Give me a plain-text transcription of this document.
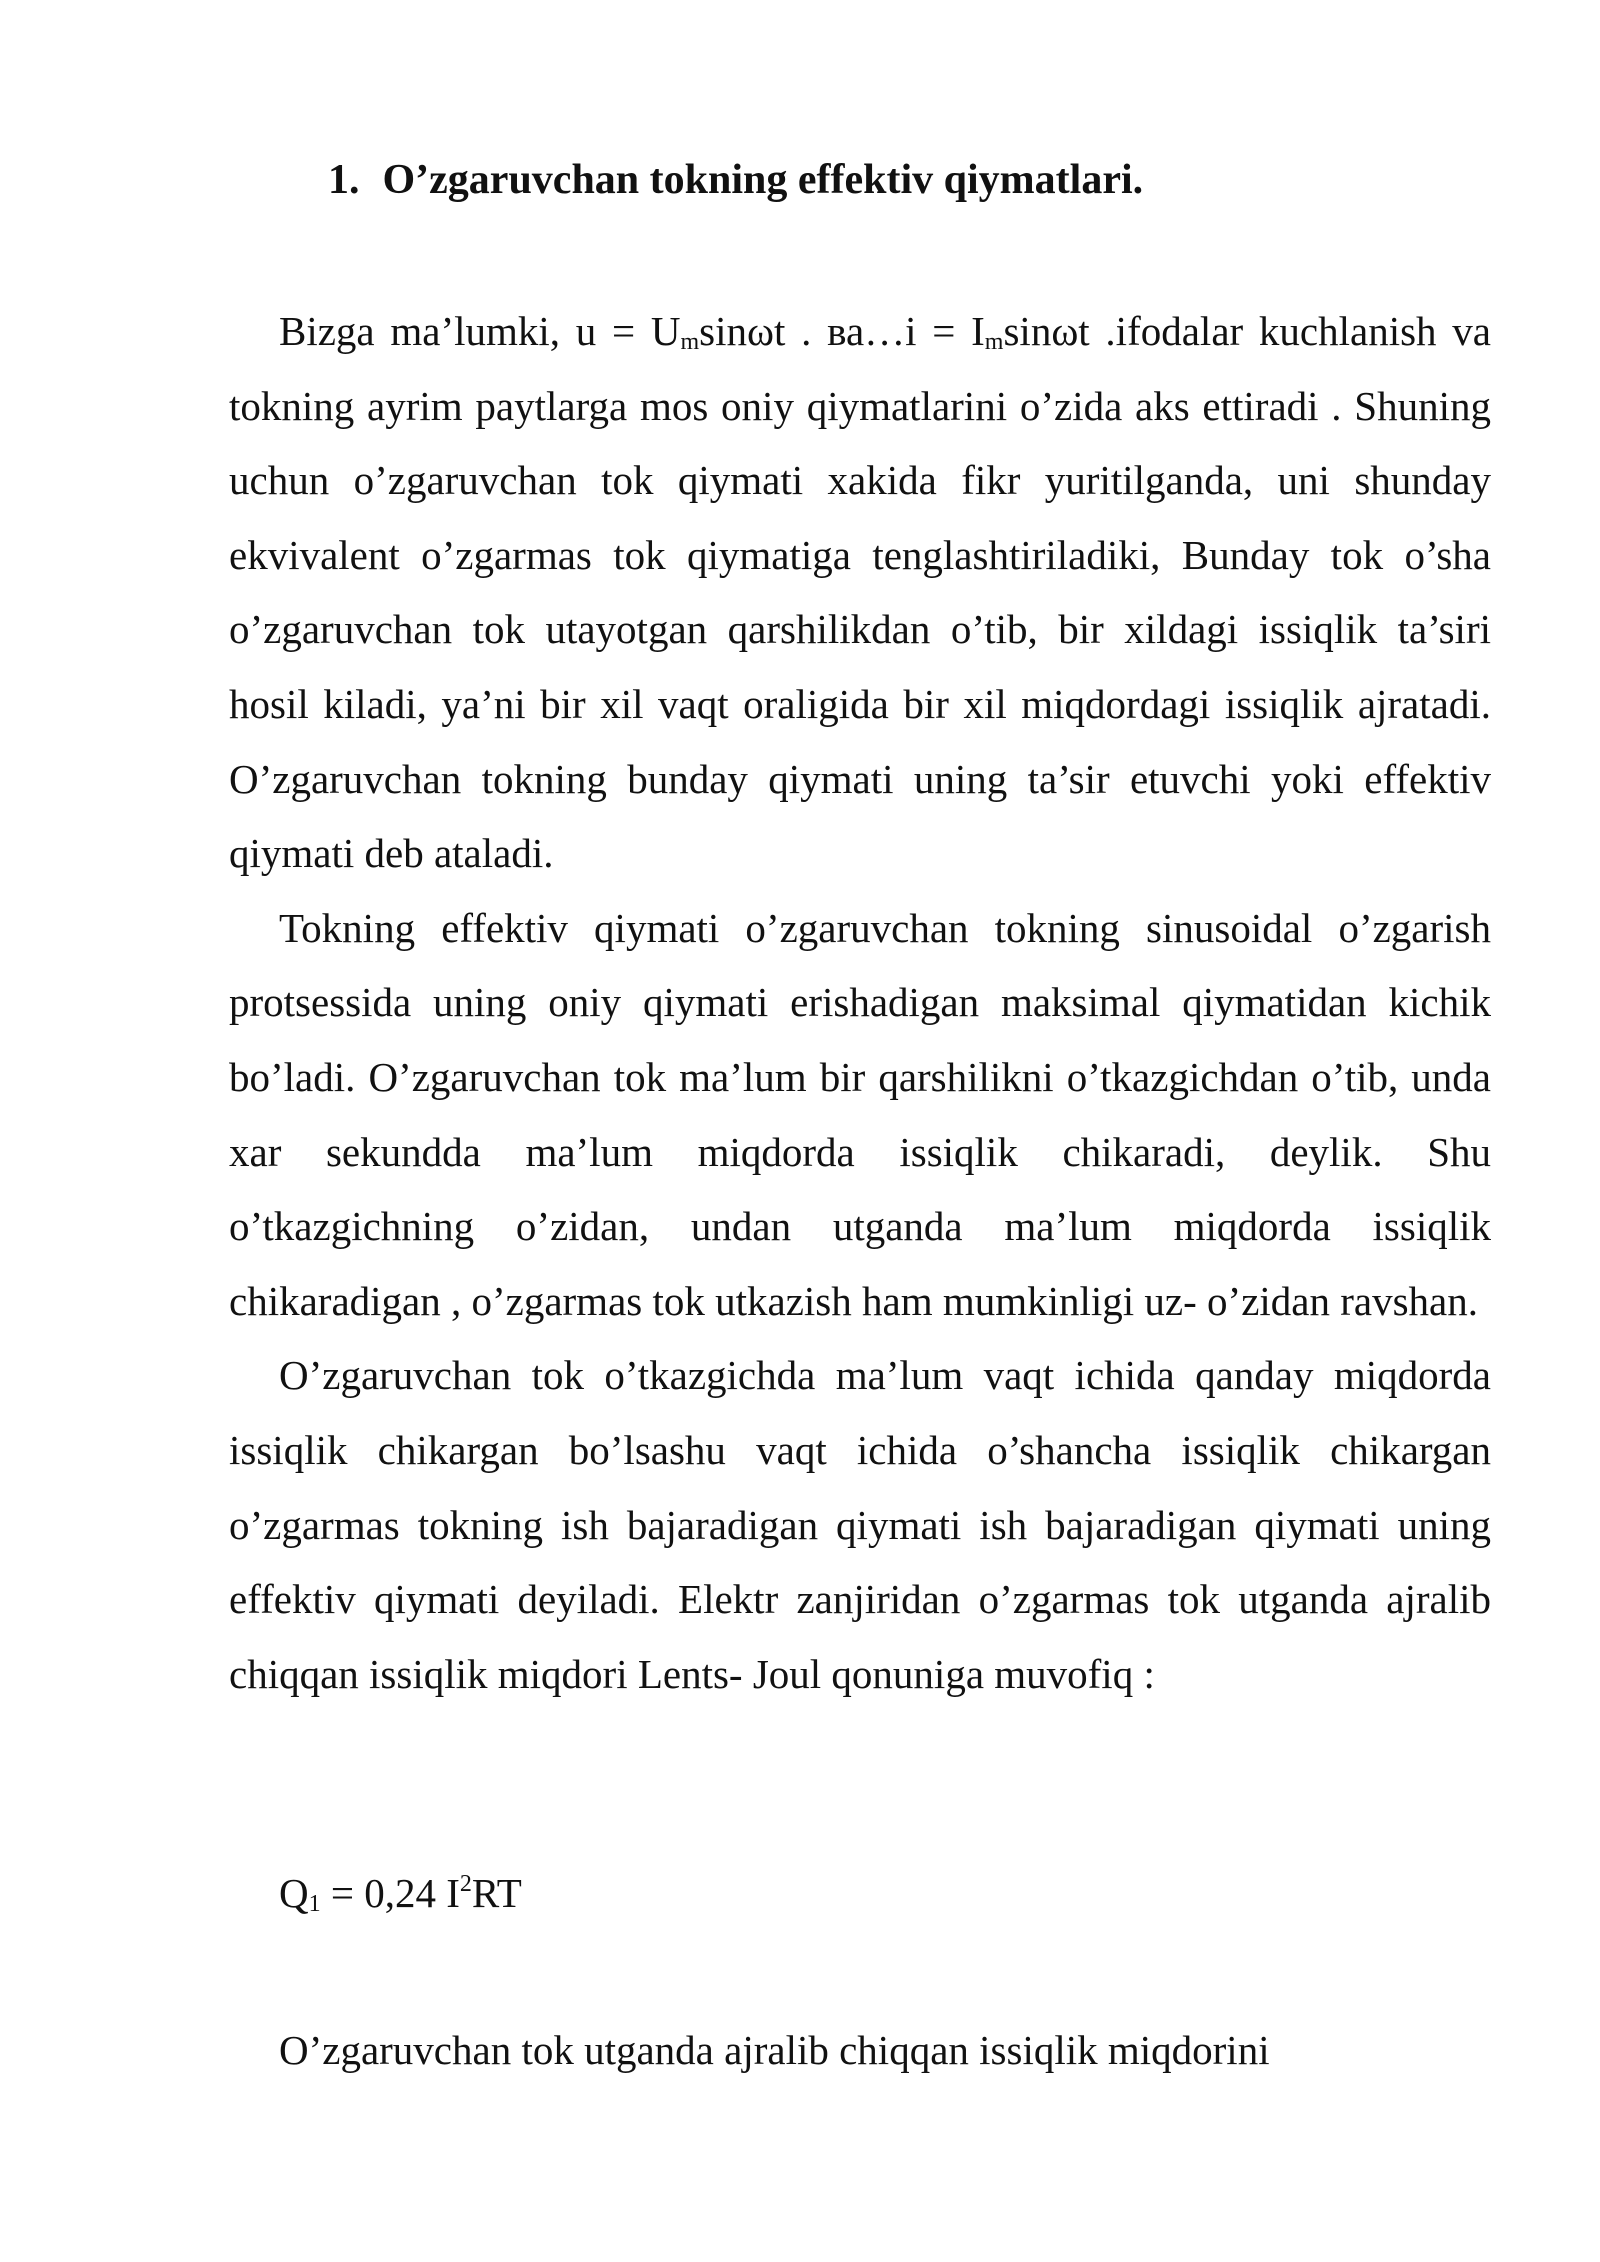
1. O’zgaruvchan tokning effektiv qiymatlari.

Bizga ma’lumki, $u = U_m\sin\omega t$ . ва…i = $I_m\sin\omega t$ .ifodalar kuchlanish va tokning ayrim paytlarga mos oniy qiymatlarini o’zida aks ettiradi . Shuning uchun o’zgaruvchan tok qiymati xakida fikr yuritilganda, uni shunday ekvivalent o’zgarmas tok qiymatiga tenglashtiriladiki, Bunday tok o’sha o’zgaruvchan tok utayotgan qarshilikdan o’tib, bir xildagi issiqlik ta’siri hosil kiladi, ya’ni bir xil vaqt oraligida bir xil miqdordagi issiqlik ajratadi. O’zgaruvchan tokning bunday qiymati uning ta’sir etuvchi yoki effektiv qiymati deb ataladi.

Tokning effektiv qiymati o’zgaruvchan tokning sinusoidal o’zgarish protsessida uning oniy qiymati erishadigan maksimal qiymatidan kichik bo’ladi. O’zgaruvchan tok ma’lum bir qarshilikni o’tkazgichdan o’tib, unda xar sekundda ma’lum miqdorda issiqlik chikaradi, deylik. Shu o’tkazgichning o’zidan, undan utganda ma’lum miqdorda issiqlik chikaradigan , o’zgarmas tok utkazish ham mumkinligi uz- o’zidan ravshan.

O’zgaruvchan tok o’tkazgichda ma’lum vaqt ichida qanday miqdorda issiqlik chikargan bo’lsashu vaqt ichida o’shancha issiqlik chikargan o’zgarmas tokning ish bajaradigan qiymati ish bajaradigan qiymati uning effektiv qiymati deyiladi. Elektr zanjiridan o’zgarmas tok utganda ajralib chiqqan issiqlik miqdori Lents- Joul qonuniga muvofiq :

$Q_1 = 0,24$ $I^2RT$
O’zgaruvchan tok utganda ajralib chiqqan issiqlik miqdorini
